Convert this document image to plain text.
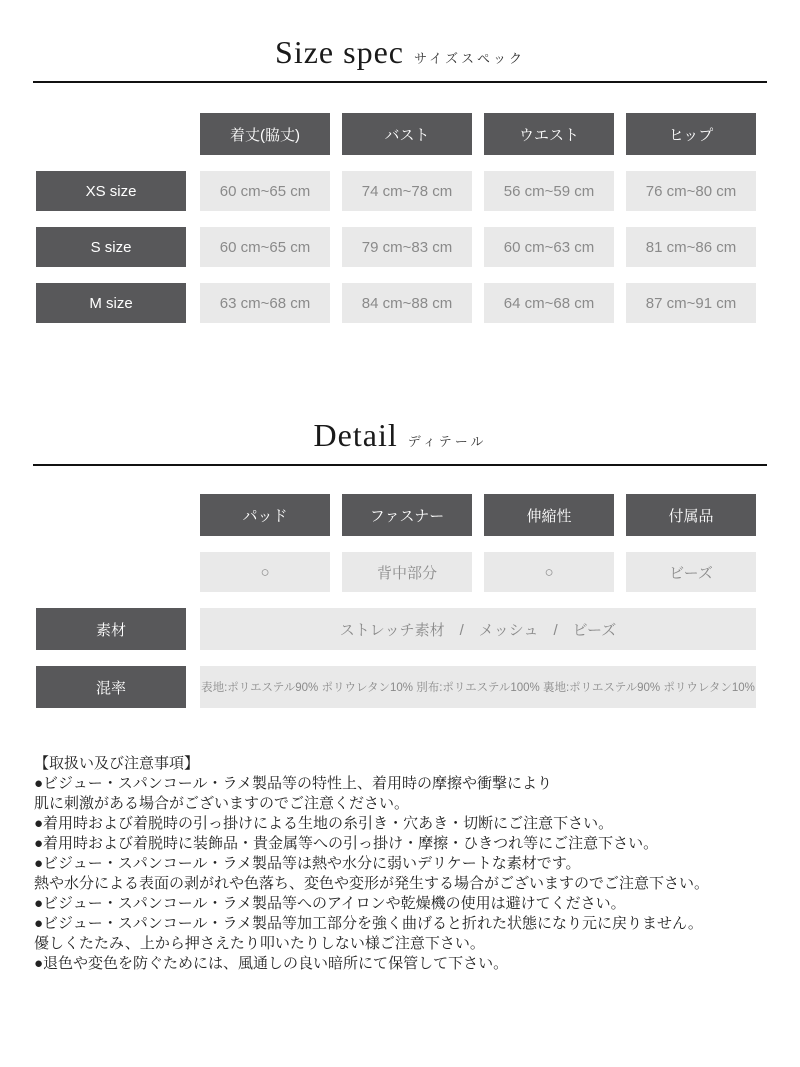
Size spec サイズスペック
着丈(脇丈)	バスト	ウエスト	ヒップ
XS size	60 cm~65 cm	74 cm~78 cm	56 cm~59 cm	76 cm~80 cm
S size	60 cm~65 cm	79 cm~83 cm	60 cm~63 cm	81 cm~86 cm
M size	63 cm~68 cm	84 cm~88 cm	64 cm~68 cm	87 cm~91 cm
Detail ディテール
パッド	ファスナー	伸縮性	付属品
○	背中部分	○	ビーズ
素材	ストレッチ素材　/　メッシュ　/　ビーズ
混率	表地:ポリエステル90% ポリウレタン10% 別布:ポリエステル100% 裏地:ポリエステル90% ポリウレタン10%
【取扱い及び注意事項】
●ビジュー・スパンコール・ラメ製品等の特性上、着用時の摩擦や衝撃により
肌に刺激がある場合がございますのでご注意ください。
●着用時および着脱時の引っ掛けによる生地の糸引き・穴あき・切断にご注意下さい。
●着用時および着脱時に装飾品・貴金属等への引っ掛け・摩擦・ひきつれ等にご注意下さい。
●ビジュー・スパンコール・ラメ製品等は熱や水分に弱いデリケートな素材です。
熱や水分による表面の剥がれや色落ち、変色や変形が発生する場合がございますのでご注意下さい。
●ビジュー・スパンコール・ラメ製品等へのアイロンや乾燥機の使用は避けてください。
●ビジュー・スパンコール・ラメ製品等加工部分を強く曲げると折れた状態になり元に戻りません。
優しくたたみ、上から押さえたり叩いたりしない様ご注意下さい。
●退色や変色を防ぐためには、風通しの良い暗所にて保管して下さい。
